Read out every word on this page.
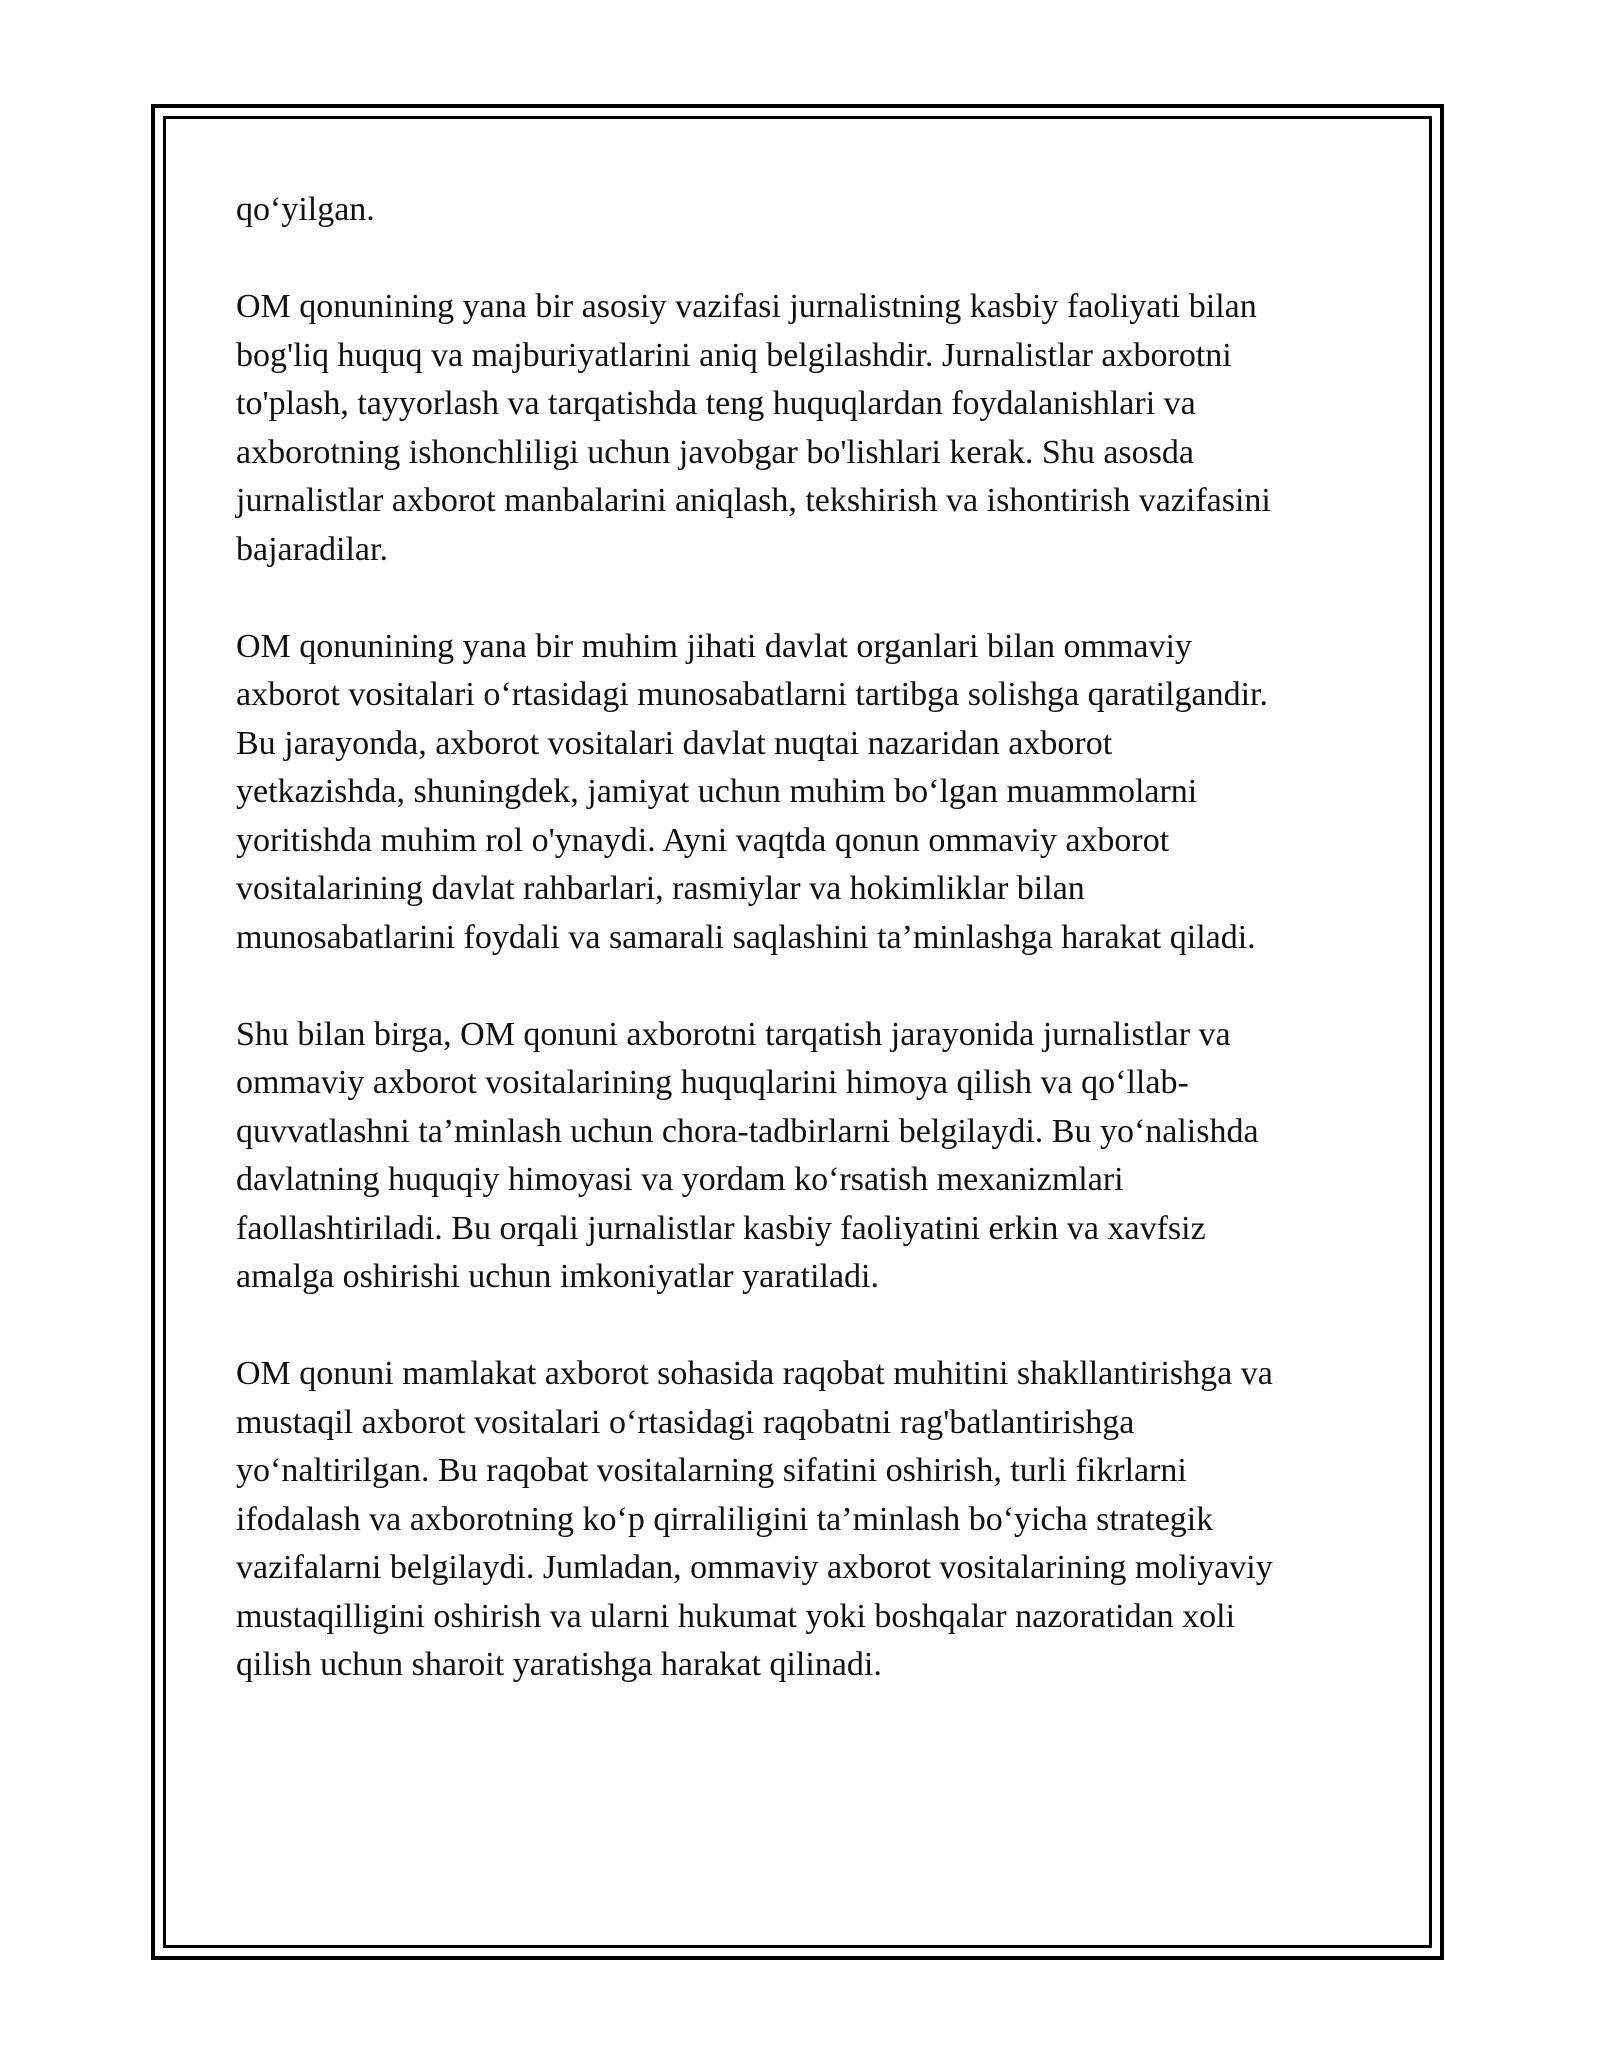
qo‘yilgan.

OM qonunining yana bir asosiy vazifasi jurnalistning kasbiy faoliyati bilan
bog'liq huquq va majburiyatlarini aniq belgilashdir. Jurnalistlar axborotni
to'plash, tayyorlash va tarqatishda teng huquqlardan foydalanishlari va
axborotning ishonchliligi uchun javobgar bo'lishlari kerak. Shu asosda
jurnalistlar axborot manbalarini aniqlash, tekshirish va ishontirish vazifasini
bajaradilar.

OM qonunining yana bir muhim jihati davlat organlari bilan ommaviy
axborot vositalari o‘rtasidagi munosabatlarni tartibga solishga qaratilgandir.
Bu jarayonda, axborot vositalari davlat nuqtai nazaridan axborot
yetkazishda, shuningdek, jamiyat uchun muhim bo‘lgan muammolarni
yoritishda muhim rol o'ynaydi. Ayni vaqtda qonun ommaviy axborot
vositalarining davlat rahbarlari, rasmiylar va hokimliklar bilan
munosabatlarini foydali va samarali saqlashini ta’minlashga harakat qiladi.

Shu bilan birga, OM qonuni axborotni tarqatish jarayonida jurnalistlar va
ommaviy axborot vositalarining huquqlarini himoya qilish va qo‘llab-
quvvatlashni ta’minlash uchun chora-tadbirlarni belgilaydi. Bu yo‘nalishda
davlatning huquqiy himoyasi va yordam ko‘rsatish mexanizmlari
faollashtiriladi. Bu orqali jurnalistlar kasbiy faoliyatini erkin va xavfsiz
amalga oshirishi uchun imkoniyatlar yaratiladi.

OM qonuni mamlakat axborot sohasida raqobat muhitini shakllantirishga va
mustaqil axborot vositalari o‘rtasidagi raqobatni rag'batlantirishga
yo‘naltirilgan. Bu raqobat vositalarning sifatini oshirish, turli fikrlarni
ifodalash va axborotning ko‘p qirraliligini ta’minlash bo‘yicha strategik
vazifalarni belgilaydi. Jumladan, ommaviy axborot vositalarining moliyaviy
mustaqilligini oshirish va ularni hukumat yoki boshqalar nazoratidan xoli
qilish uchun sharoit yaratishga harakat qilinadi.
